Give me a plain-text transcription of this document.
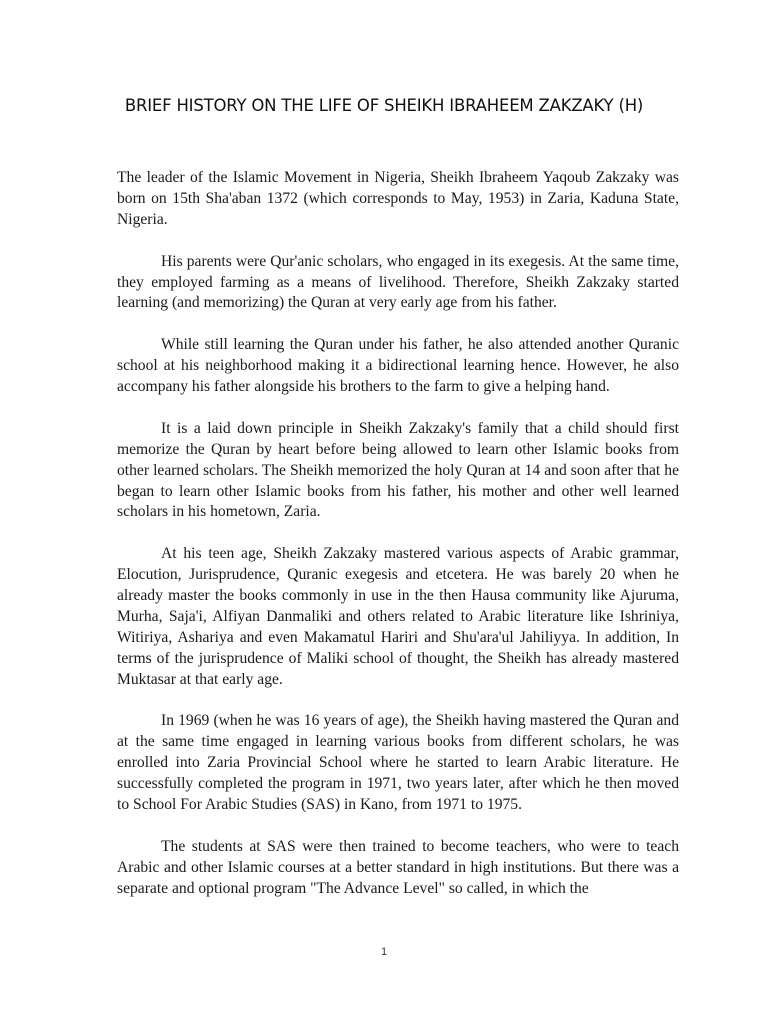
BRIEF HISTORY ON THE LIFE OF SHEIKH IBRAHEEM ZAKZAKY (H)

The leader of the Islamic Movement in Nigeria, Sheikh Ibraheem Yaqoub Zakzaky was born on 15th Sha'aban 1372 (which corresponds to May, 1953) in Zaria, Kaduna State, Nigeria.

His parents were Qur'anic scholars, who engaged in its exegesis. At the same time, they employed farming as a means of livelihood. Therefore, Sheikh Zakzaky started learning (and memorizing) the Quran at very early age from his father.

While still learning the Quran under his father, he also attended another Quranic school at his neighborhood making it a bidirectional learning hence. However, he also accompany his father alongside his brothers to the farm to give a helping hand.

It is a laid down principle in Sheikh Zakzaky's family that a child should first memorize the Quran by heart before being allowed to learn other Islamic books from other learned scholars. The Sheikh memorized the holy Quran at 14 and soon after that he began to learn other Islamic books from his father, his mother and other well learned scholars in his hometown, Zaria.

At his teen age, Sheikh Zakzaky mastered various aspects of Arabic grammar, Elocution, Jurisprudence, Quranic exegesis and etcetera. He was barely 20 when he already master the books commonly in use in the then Hausa community like Ajuruma, Murha, Saja'i, Alfiyan Danmaliki and others related to Arabic literature like Ishriniya, Witiriya, Ashariya and even Makamatul Hariri and Shu'ara'ul Jahiliyya. In addition, In terms of the jurisprudence of Maliki school of thought, the Sheikh has already mastered Muktasar at that early age.

In 1969 (when he was 16 years of age), the Sheikh having mastered the Quran and at the same time engaged in learning various books from different scholars, he was enrolled into Zaria Provincial School where he started to learn Arabic literature. He successfully completed the program in 1971, two years later, after which he then moved to School For Arabic Studies (SAS) in Kano, from 1971 to 1975.

The students at SAS were then trained to become teachers, who were to teach Arabic and other Islamic courses at a better standard in high institutions. But there was a separate and optional program "The Advance Level" so called, in which the

1
